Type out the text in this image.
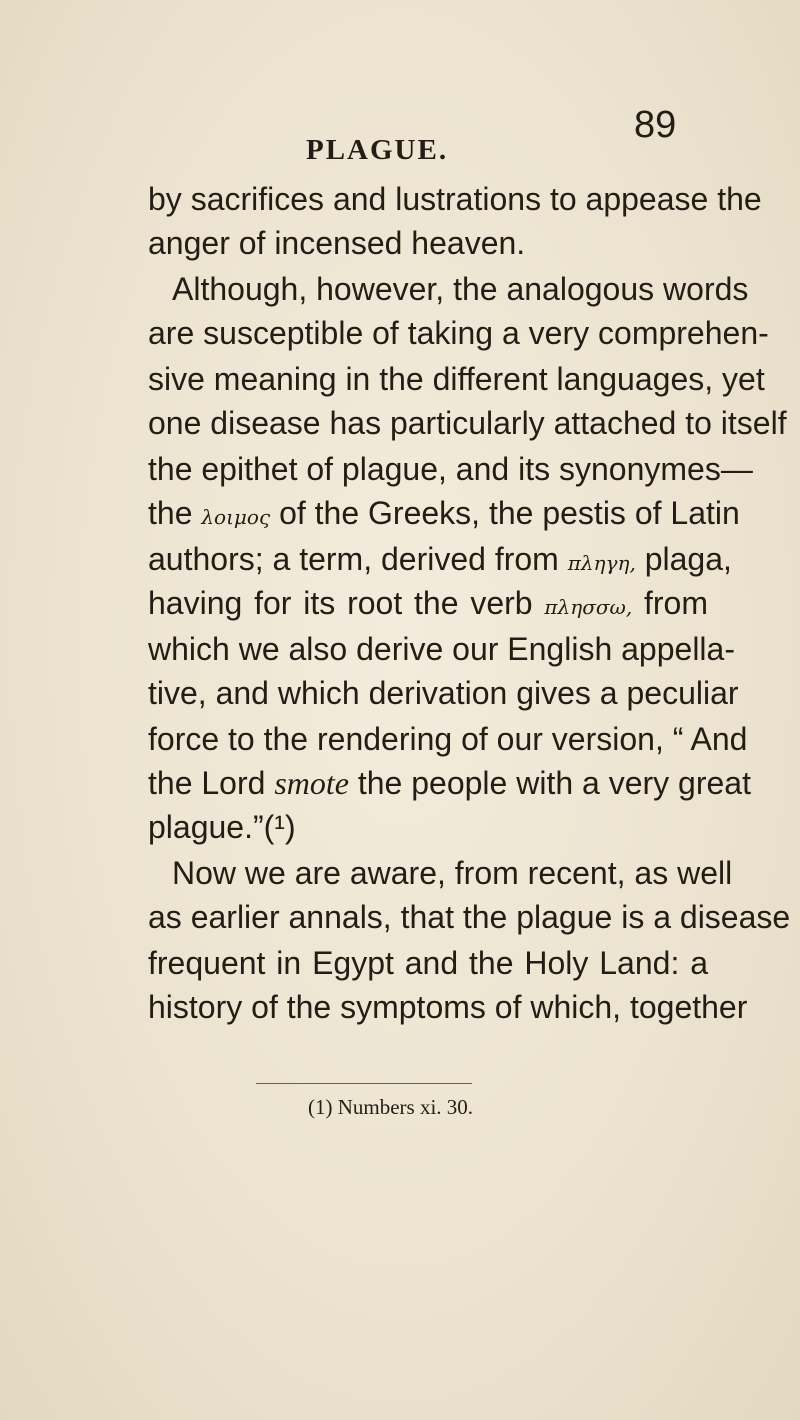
PLAGUE.
89
by sacrifices and lustrations to appease the
anger of incensed heaven.
Although, however, the analogous words
are susceptible of taking a very comprehen-
sive meaning in the different languages, yet
one disease has particularly attached to itself
the epithet of plague, and its synonymes—
the λοιμος of the Greeks, the pestis of Latin
authors; a term, derived from πληγη, plaga,
having for its root the verb πλησσω, from
which we also derive our English appella-
tive, and which derivation gives a peculiar
force to the rendering of our version, “ And
the Lord smote the people with a very great
plague.”(¹)
Now we are aware, from recent, as well
as earlier annals, that the plague is a disease
frequent in Egypt and the Holy Land: a
history of the symptoms of which, together
(1) Numbers xi. 30.
